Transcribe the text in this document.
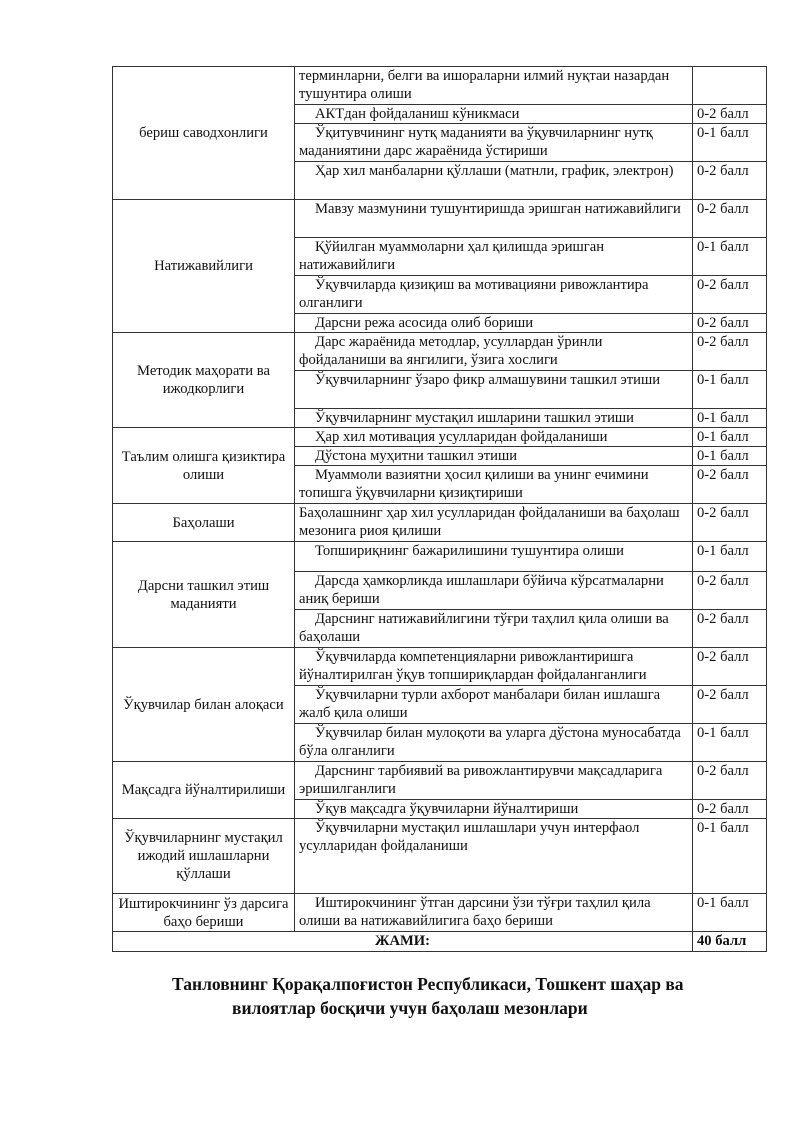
бериш саводхонлиги	терминларни, белги ва ишораларни илмий нуқтаи назардан тушунтира олиши	
	АКТдан фойдаланиш кўникмаси	0-2 балл
	Ўқитувчининг нутқ маданияти ва ўқувчиларнинг нутқ маданиятини дарс жараёнида ўстириши	0-1 балл
	Ҳар хил манбаларни қўллаши (матнли, график, электрон)	0-2 балл
Натижавийлиги	Мавзу мазмунини тушунтиришда эришган натижавийлиги	0-2 балл
	Қўйилган муаммоларни ҳал қилишда эришган натижавийлиги	0-1 балл
	Ўқувчиларда қизиқиш ва мотивацияни ривожлантира олганлиги	0-2 балл
	Дарсни режа асосида олиб бориши	0-2 балл
Методик маҳорати ва ижодкорлиги	Дарс жараёнида методлар, усуллардан ўринли фойдаланиши ва янгилиги, ўзига хослиги	0-2 балл
	Ўқувчиларнинг ўзаро фикр алмашувини ташкил этиши	0-1 балл
	Ўқувчиларнинг мустақил ишларини ташкил этиши	0-1 балл
Таълим олишга қизиктира олиши	Ҳар хил мотивация усулларидан фойдаланиши	0-1 балл
	Дўстона муҳитни ташкил этиши	0-1 балл
	Муаммоли вазиятни ҳосил қилиши ва унинг ечимини топишга ўқувчиларни қизиқтириши	0-2 балл
Баҳолаши	Баҳолашнинг ҳар хил усулларидан фойдаланиши ва баҳолаш мезонига риоя қилиши	0-2 балл
Дарсни ташкил этиш маданияти	Топшириқнинг бажарилишини тушунтира олиши	0-1 балл
	Дарсда ҳамкорликда ишлашлари бўйича кўрсатмаларни аниқ бериши	0-2 балл
	Дарснинг натижавийлигини тўғри таҳлил қила олиши ва баҳолаши	0-2 балл
Ўқувчилар билан алоқаси	Ўқувчиларда компетенцияларни ривожлантиришга йўналтирилган ўқув топшириқлардан фойдаланганлиги	0-2 балл
	Ўқувчиларни турли ахборот манбалари билан ишлашга жалб қила олиши	0-2 балл
	Ўқувчилар билан мулоқоти ва уларга дўстона муносабатда бўла олганлиги	0-1 балл
Мақсадга йўналтирилиши	Дарснинг тарбиявий ва ривожлантирувчи мақсадларига эришилганлиги	0-2 балл
	Ўқув мақсадга ўқувчиларни йўналтириши	0-2 балл
Ўқувчиларнинг мустақил ижодий ишлашларни қўллаши	Ўқувчиларни мустақил ишлашлари учун интерфаол усулларидан фойдаланиши	0-1 балл
Иштирокчининг ўз дарсига баҳо бериши	Иштирокчининг ўтган дарсини ўзи тўғри таҳлил қила олиши ва натижавийлигига баҳо бериши	0-1 балл
ЖАМИ:		40 балл
Танловнинг Қорақалпоғистон Республикаси, Тошкент шаҳар ва
вилоятлар босқичи учун баҳолаш мезонлари
